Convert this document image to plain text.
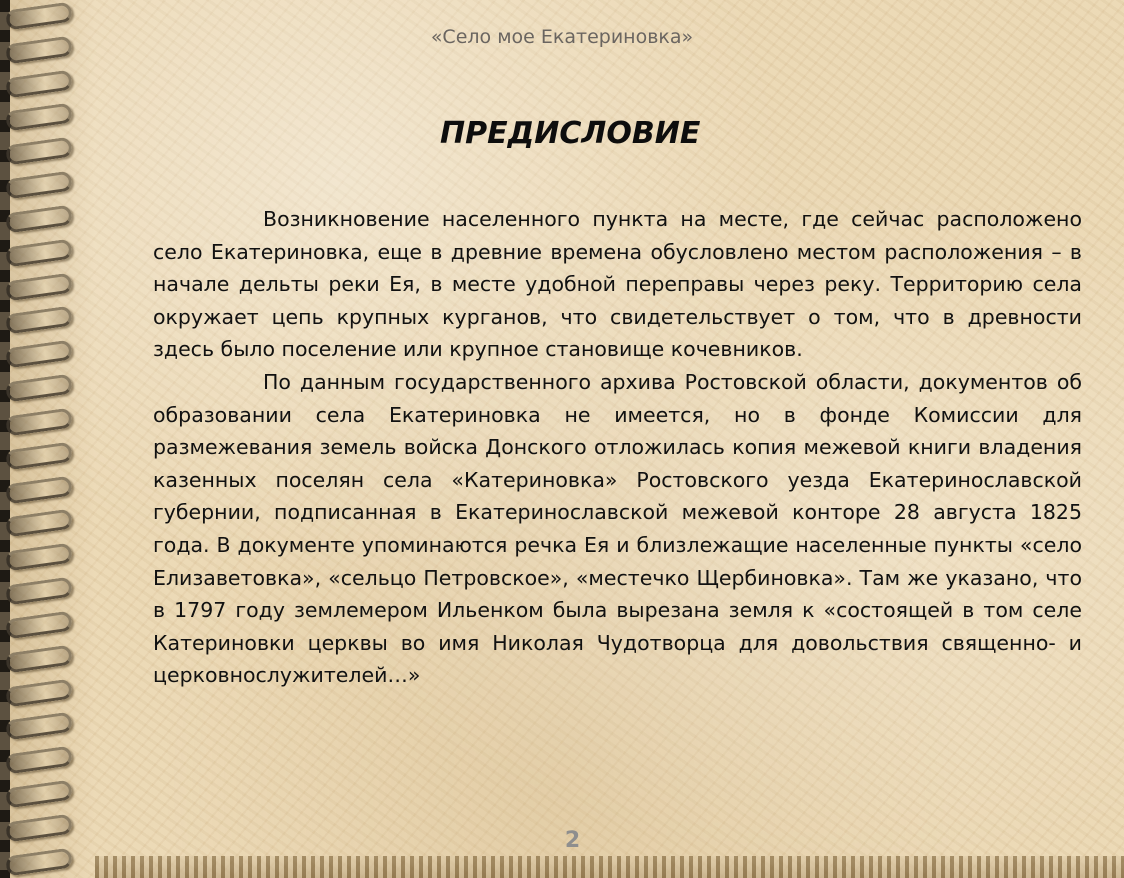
«Село мое Екатериновка»
ПРЕДИСЛОВИЕ

Возникновение населенного пункта на месте, где сейчас расположено село Екатериновка, еще в древние времена обусловлено местом расположения – в начале дельты реки Ея, в месте удобной переправы через реку. Территорию села окружает цепь крупных курганов, что свидетельствует о том, что в древности здесь было поселение или крупное становище кочевников.

По данным государственного архива Ростовской области, документов об образовании села Екатериновка не имеется, но в фонде Комиссии для размежевания земель войска Донского отложилась копия межевой книги владения казенных поселян села «Катериновка» Ростовского уезда Екатеринославской губернии, подписанная в Екатеринославской межевой конторе 28 августа 1825 года. В документе упоминаются речка Ея и близлежащие населенные пункты «село Елизаветовка», «сельцо Петровское», «местечко Щербиновка». Там же указано, что в 1797 году землемером Ильенком была вырезана земля к «состоящей в том селе Катериновки церквы во имя Николая Чудотворца для довольствия священно- и церковнослужителей…»

2
